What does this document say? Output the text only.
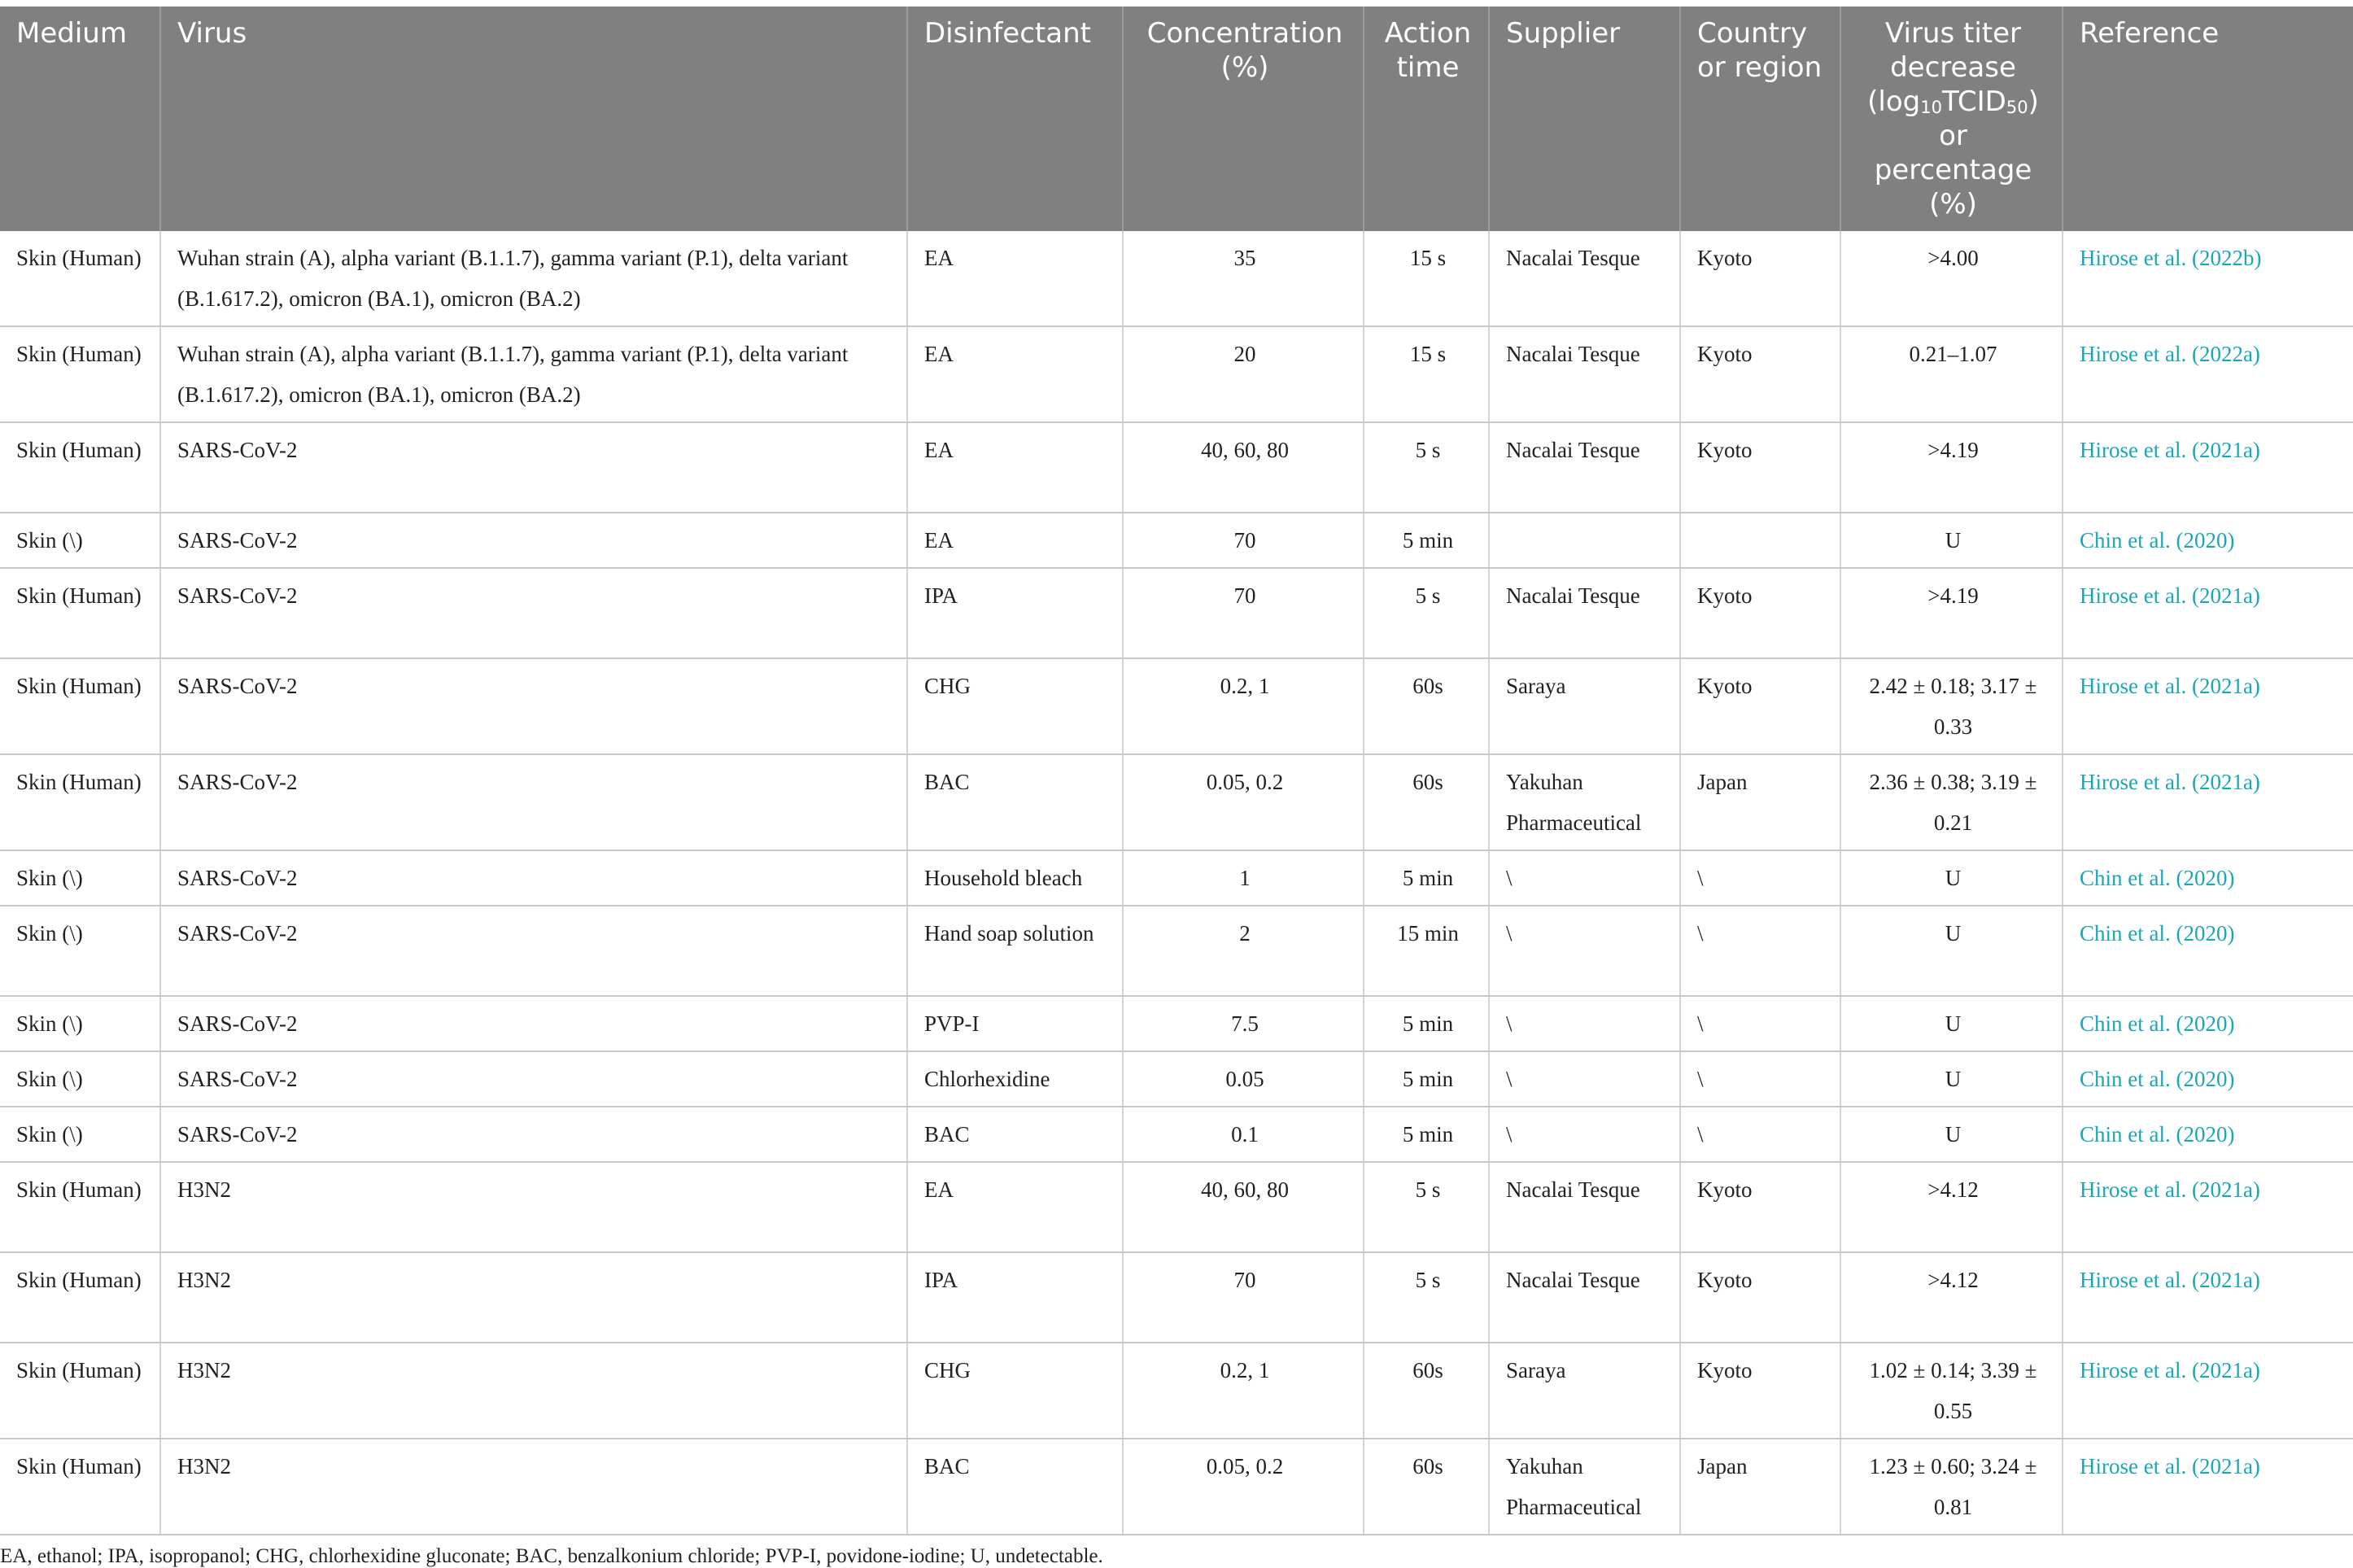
Medium	Virus	Disinfectant	Concentration (%)	Action time	Supplier	Country or region	Virus titer decrease $(\log_{10}TCID_{50})$ or percentage (%)	Reference
Skin (Human)	Wuhan strain (A), alpha variant (B.1.1.7), gamma variant (P.1), delta variant (B.1.617.2), omicron (BA.1), omicron (BA.2)	EA	35	15 s	Nacalai Tesque	Kyoto	>4.00	Hirose et al. (2022b)
Skin (Human)	Wuhan strain (A), alpha variant (B.1.1.7), gamma variant (P.1), delta variant (B.1.617.2), omicron (BA.1), omicron (BA.2)	EA	20	15 s	Nacalai Tesque	Kyoto	0.21–1.07	Hirose et al. (2022a)
Skin (Human)	SARS-CoV-2	EA	40, 60, 80	5 s	Nacalai Tesque	Kyoto	>4.19	Hirose et al. (2021a)
Skin (\)	SARS-CoV-2	EA	70	5 min			U	Chin et al. (2020)
Skin (Human)	SARS-CoV-2	IPA	70	5 s	Nacalai Tesque	Kyoto	>4.19	Hirose et al. (2021a)
Skin (Human)	SARS-CoV-2	CHG	0.2, 1	60s	Saraya	Kyoto	2.42 ± 0.18; 3.17 ± 0.33	Hirose et al. (2021a)
Skin (Human)	SARS-CoV-2	BAC	0.05, 0.2	60s	Yakuhan Pharmaceutical	Japan	2.36 ± 0.38; 3.19 ± 0.21	Hirose et al. (2021a)
Skin (\)	SARS-CoV-2	Household bleach	1	5 min	\	\	U	Chin et al. (2020)
Skin (\)	SARS-CoV-2	Hand soap solution	2	15 min	\	\	U	Chin et al. (2020)
Skin (\)	SARS-CoV-2	PVP-I	7.5	5 min	\	\	U	Chin et al. (2020)
Skin (\)	SARS-CoV-2	Chlorhexidine	0.05	5 min	\	\	U	Chin et al. (2020)
Skin (\)	SARS-CoV-2	BAC	0.1	5 min	\	\	U	Chin et al. (2020)
Skin (Human)	H3N2	EA	40, 60, 80	5 s	Nacalai Tesque	Kyoto	>4.12	Hirose et al. (2021a)
Skin (Human)	H3N2	IPA	70	5 s	Nacalai Tesque	Kyoto	>4.12	Hirose et al. (2021a)
Skin (Human)	H3N2	CHG	0.2, 1	60s	Saraya	Kyoto	1.02 ± 0.14; 3.39 ± 0.55	Hirose et al. (2021a)
Skin (Human)	H3N2	BAC	0.05, 0.2	60s	Yakuhan Pharmaceutical	Japan	1.23 ± 0.60; 3.24 ± 0.81	Hirose et al. (2021a)
EA, ethanol; IPA, isopropanol; CHG, chlorhexidine gluconate; BAC, benzalkonium chloride; PVP-I, povidone-iodine; U, undetectable.
